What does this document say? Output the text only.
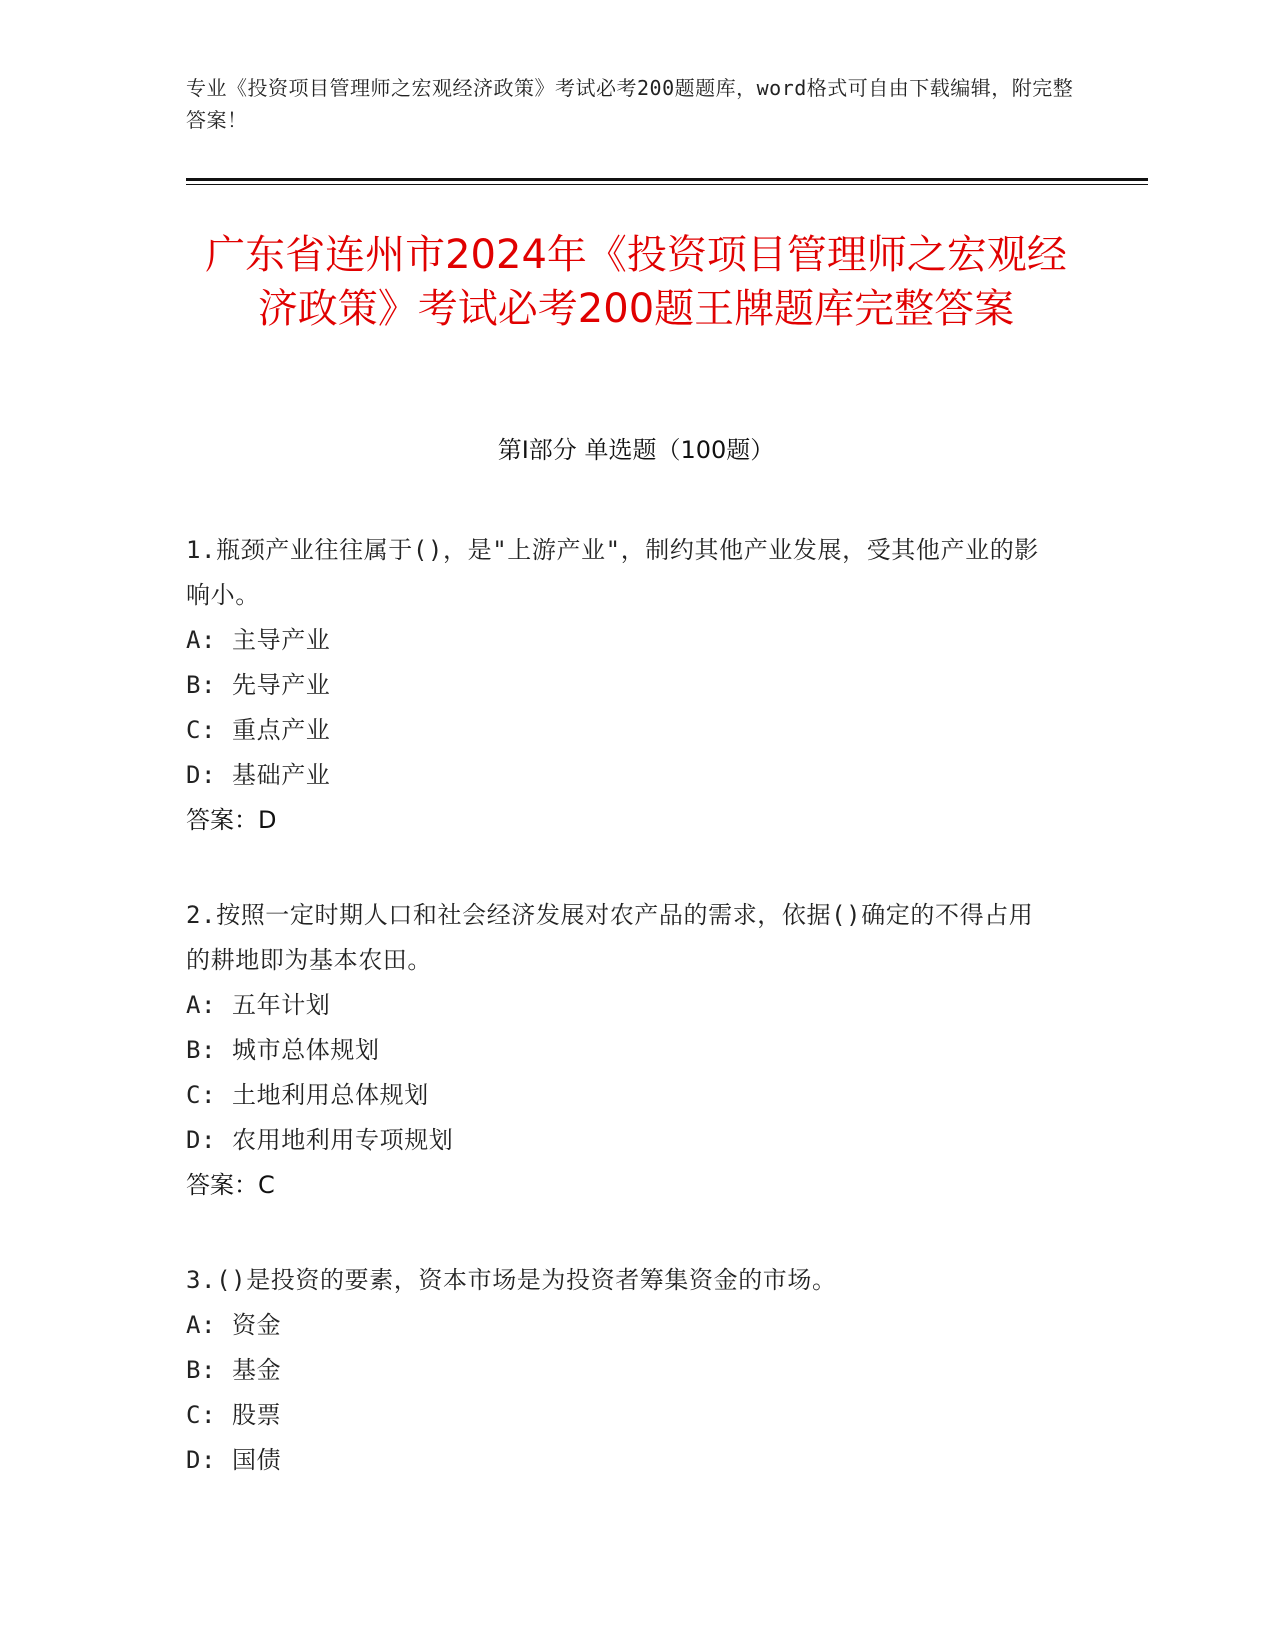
专业《投资项目管理师之宏观经济政策》考试必考200题题库，word格式可自由下载编辑，附完整答案！

广东省连州市2024年《投资项目管理师之宏观经济政策》考试必考200题王牌题库完整答案
第I部分 单选题（100题）

1.瓶颈产业往往属于()，是"上游产业"，制约其他产业发展，受其他产业的影响小。

A: 主导产业
B: 先导产业
C: 重点产业
D: 基础产业

答案：D

2.按照一定时期人口和社会经济发展对农产品的需求，依据()确定的不得占用的耕地即为基本农田。

A: 五年计划
B: 城市总体规划
C: 土地利用总体规划
D: 农用地利用专项规划

答案：C

3.()是投资的要素，资本市场是为投资者筹集资金的市场。

A: 资金
B: 基金
C: 股票
D: 国债
